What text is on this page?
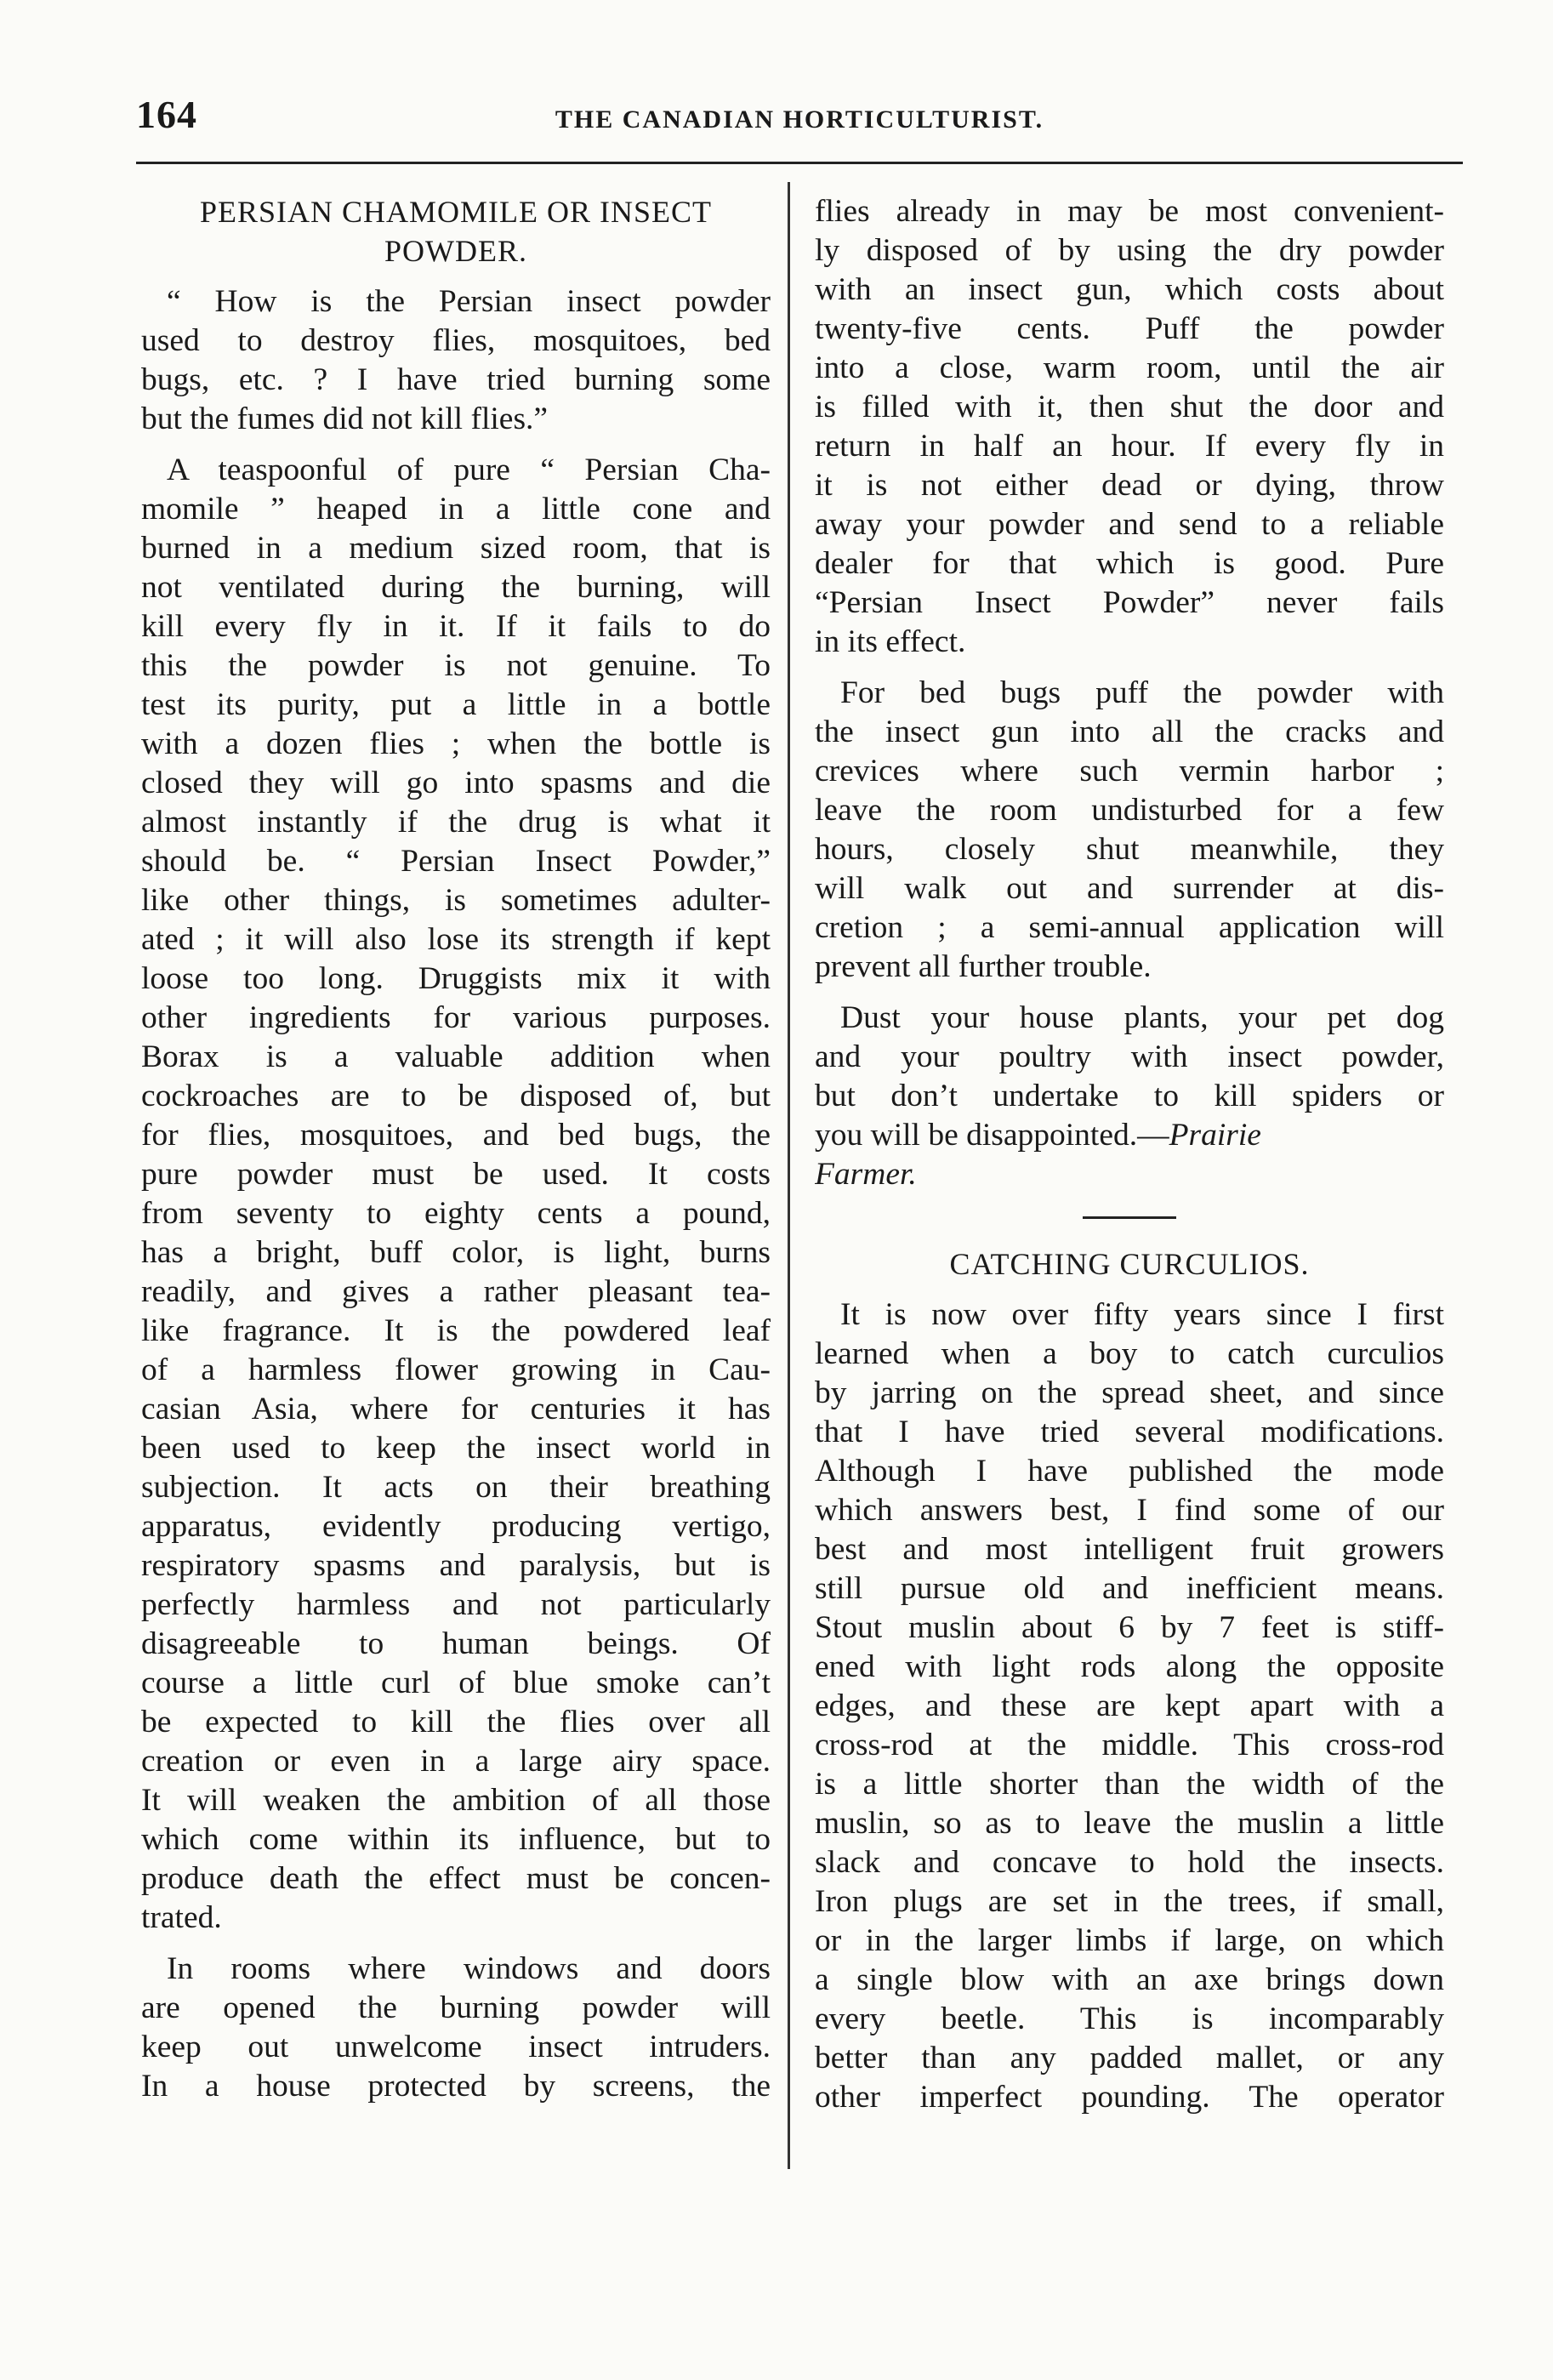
164	THE CANADIAN HORTICULTURIST.
PERSIAN CHAMOMILE OR INSECT
POWDER.
“ How is the Persian insect powder
used to destroy flies, mosquitoes, bed
bugs, etc. ? I have tried burning some
but the fumes did not kill flies.”
A teaspoonful of pure “ Persian Cha-
momile ” heaped in a little cone and
burned in a medium sized room, that is
not ventilated during the burning, will
kill every fly in it. If it fails to do
this the powder is not genuine. To
test its purity, put a little in a bottle
with a dozen flies ; when the bottle is
closed they will go into spasms and die
almost instantly if the drug is what it
should be. “ Persian Insect Powder,”
like other things, is sometimes adulter-
ated ; it will also lose its strength if kept
loose too long. Druggists mix it with
other ingredients for various purposes.
Borax is a valuable addition when
cockroaches are to be disposed of, but
for flies, mosquitoes, and bed bugs, the
pure powder must be used. It costs
from seventy to eighty cents a pound,
has a bright, buff color, is light, burns
readily, and gives a rather pleasant tea-
like fragrance. It is the powdered leaf
of a harmless flower growing in Cau-
casian Asia, where for centuries it has
been used to keep the insect world in
subjection. It acts on their breathing
apparatus, evidently producing vertigo,
respiratory spasms and paralysis, but is
perfectly harmless and not particularly
disagreeable to human beings. Of
course a little curl of blue smoke can’t
be expected to kill the flies over all
creation or even in a large airy space.
It will weaken the ambition of all those
which come within its influence, but to
produce death the effect must be concen-
trated.
In rooms where windows and doors
are opened the burning powder will
keep out unwelcome insect intruders.
In a house protected by screens, the
flies already in may be most convenient-
ly disposed of by using the dry powder
with an insect gun, which costs about
twenty-five cents. Puff the powder
into a close, warm room, until the air
is filled with it, then shut the door and
return in half an hour. If every fly in
it is not either dead or dying, throw
away your powder and send to a reliable
dealer for that which is good. Pure
“Persian Insect Powder” never fails
in its effect.
For bed bugs puff the powder with
the insect gun into all the cracks and
crevices where such vermin harbor ;
leave the room undisturbed for a few
hours, closely shut meanwhile, they
will walk out and surrender at dis-
cretion ; a semi-annual application will
prevent all further trouble.
Dust your house plants, your pet dog
and your poultry with insect powder,
but don’t undertake to kill spiders or
you will be disappointed.—Prairie
Farmer.
CATCHING CURCULIOS.
It is now over fifty years since I first
learned when a boy to catch curculios
by jarring on the spread sheet, and since
that I have tried several modifications.
Although I have published the mode
which answers best, I find some of our
best and most intelligent fruit growers
still pursue old and inefficient means.
Stout muslin about 6 by 7 feet is stiff-
ened with light rods along the opposite
edges, and these are kept apart with a
cross-rod at the middle. This cross-rod
is a little shorter than the width of the
muslin, so as to leave the muslin a little
slack and concave to hold the insects.
Iron plugs are set in the trees, if small,
or in the larger limbs if large, on which
a single blow with an axe brings down
every beetle. This is incomparably
better than any padded mallet, or any
other imperfect pounding. The operator
